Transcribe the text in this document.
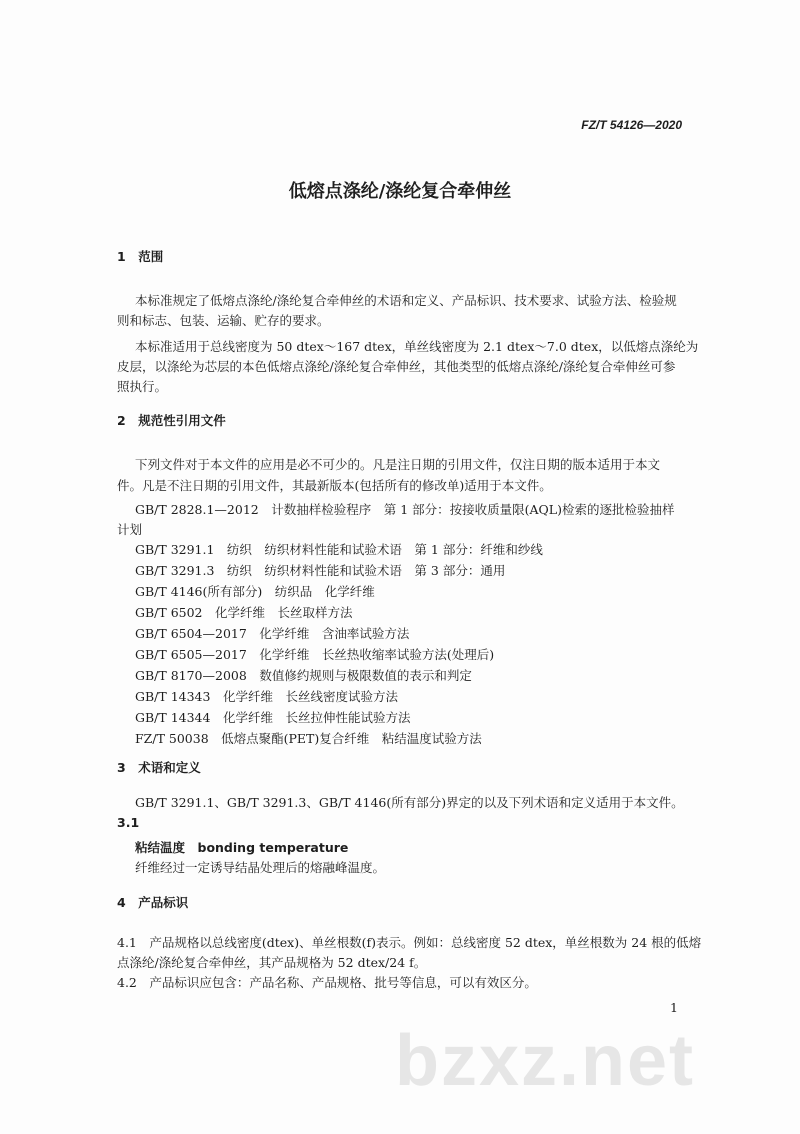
FZ/T 54126—2020
低熔点涤纶/涤纶复合牵伸丝
1　范围
本标准规定了低熔点涤纶/涤纶复合牵伸丝的术语和定义、产品标识、技术要求、试验方法、检验规
则和标志、包装、运输、贮存的要求。
本标准适用于总线密度为 50 dtex～167 dtex，单丝线密度为 2.1 dtex～7.0 dtex，以低熔点涤纶为
皮层，以涤纶为芯层的本色低熔点涤纶/涤纶复合牵伸丝，其他类型的低熔点涤纶/涤纶复合牵伸丝可参
照执行。
2　规范性引用文件
下列文件对于本文件的应用是必不可少的。凡是注日期的引用文件，仅注日期的版本适用于本文
件。凡是不注日期的引用文件，其最新版本(包括所有的修改单)适用于本文件。
GB/T 2828.1—2012　计数抽样检验程序　第 1 部分：按接收质量限(AQL)检索的逐批检验抽样
计划
GB/T 3291.1　纺织　纺织材料性能和试验术语　第 1 部分：纤维和纱线
GB/T 3291.3　纺织　纺织材料性能和试验术语　第 3 部分：通用
GB/T 4146(所有部分)　纺织品　化学纤维
GB/T 6502　化学纤维　长丝取样方法
GB/T 6504—2017　化学纤维　含油率试验方法
GB/T 6505—2017　化学纤维　长丝热收缩率试验方法(处理后)
GB/T 8170—2008　数值修约规则与极限数值的表示和判定
GB/T 14343　化学纤维　长丝线密度试验方法
GB/T 14344　化学纤维　长丝拉伸性能试验方法
FZ/T 50038　低熔点聚酯(PET)复合纤维　粘结温度试验方法
3　术语和定义
GB/T 3291.1、GB/T 3291.3、GB/T 4146(所有部分)界定的以及下列术语和定义适用于本文件。
3.1
粘结温度　bonding temperature
纤维经过一定诱导结晶处理后的熔融峰温度。
4　产品标识
4.1　产品规格以总线密度(dtex)、单丝根数(f)表示。例如：总线密度 52 dtex，单丝根数为 24 根的低熔
点涤纶/涤纶复合牵伸丝，其产品规格为 52 dtex/24 f。
4.2　产品标识应包含：产品名称、产品规格、批号等信息，可以有效区分。
1
bzxz.net
